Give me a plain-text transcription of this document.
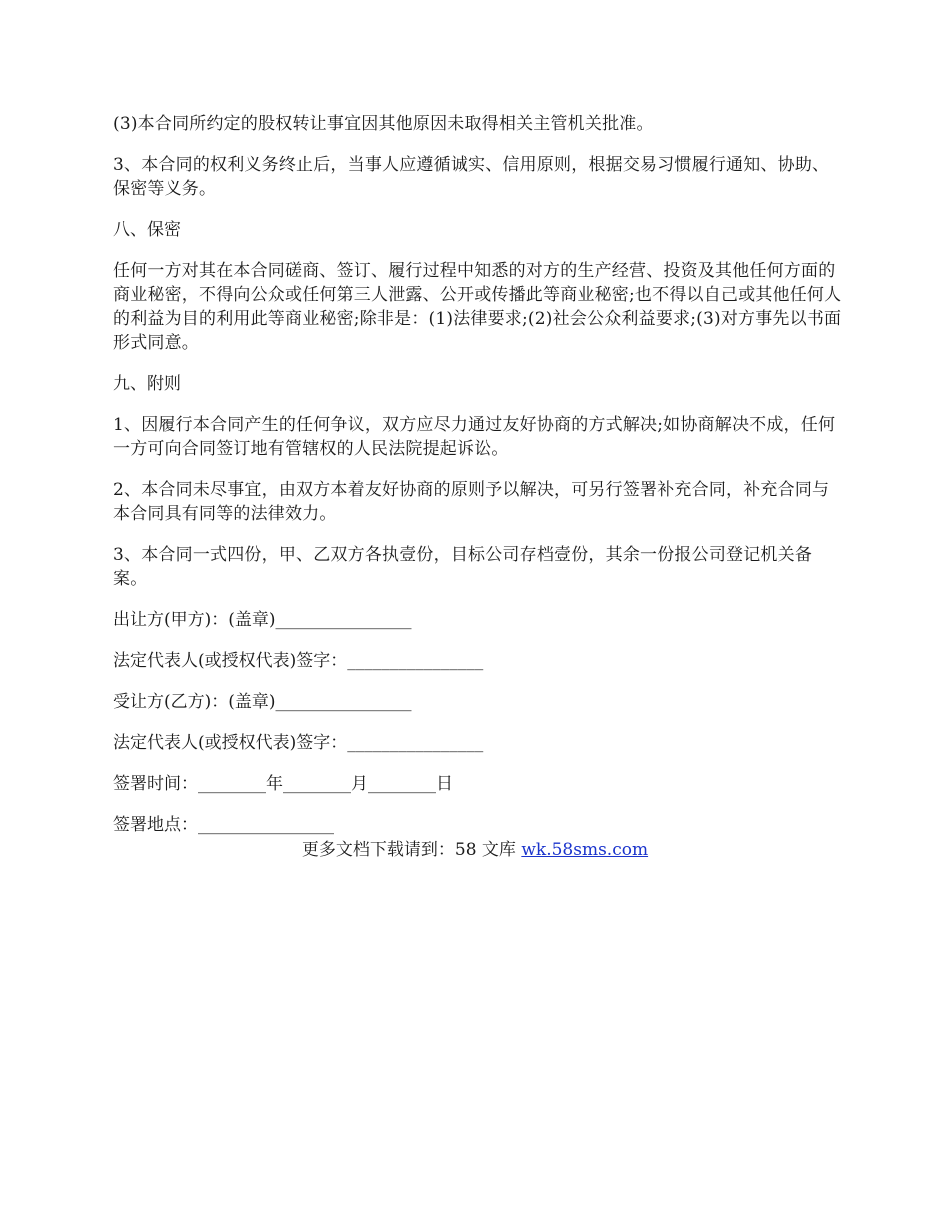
(3)本合同所约定的股权转让事宜因其他原因未取得相关主管机关批准。

3、本合同的权利义务终止后，当事人应遵循诚实、信用原则，根据交易习惯履行通知、协助、保密等义务。

八、保密

任何一方对其在本合同磋商、签订、履行过程中知悉的对方的生产经营、投资及其他任何方面的商业秘密，不得向公众或任何第三人泄露、公开或传播此等商业秘密;也不得以自己或其他任何人的利益为目的利用此等商业秘密;除非是：(1)法律要求;(2)社会公众利益要求;(3)对方事先以书面形式同意。

九、附则

1、因履行本合同产生的任何争议，双方应尽力通过友好协商的方式解决;如协商解决不成，任何一方可向合同签订地有管辖权的人民法院提起诉讼。

2、本合同未尽事宜，由双方本着友好协商的原则予以解决，可另行签署补充合同，补充合同与本合同具有同等的法律效力。

3、本合同一式四份，甲、乙双方各执壹份，目标公司存档壹份，其余一份报公司登记机关备案。

出让方(甲方)：(盖章)________________

法定代表人(或授权代表)签字：________________

受让方(乙方)：(盖章)________________

法定代表人(或授权代表)签字：________________

签署时间：________年________月________日

签署地点：________________

更多文档下载请到：58 文库 wk.58sms.com
